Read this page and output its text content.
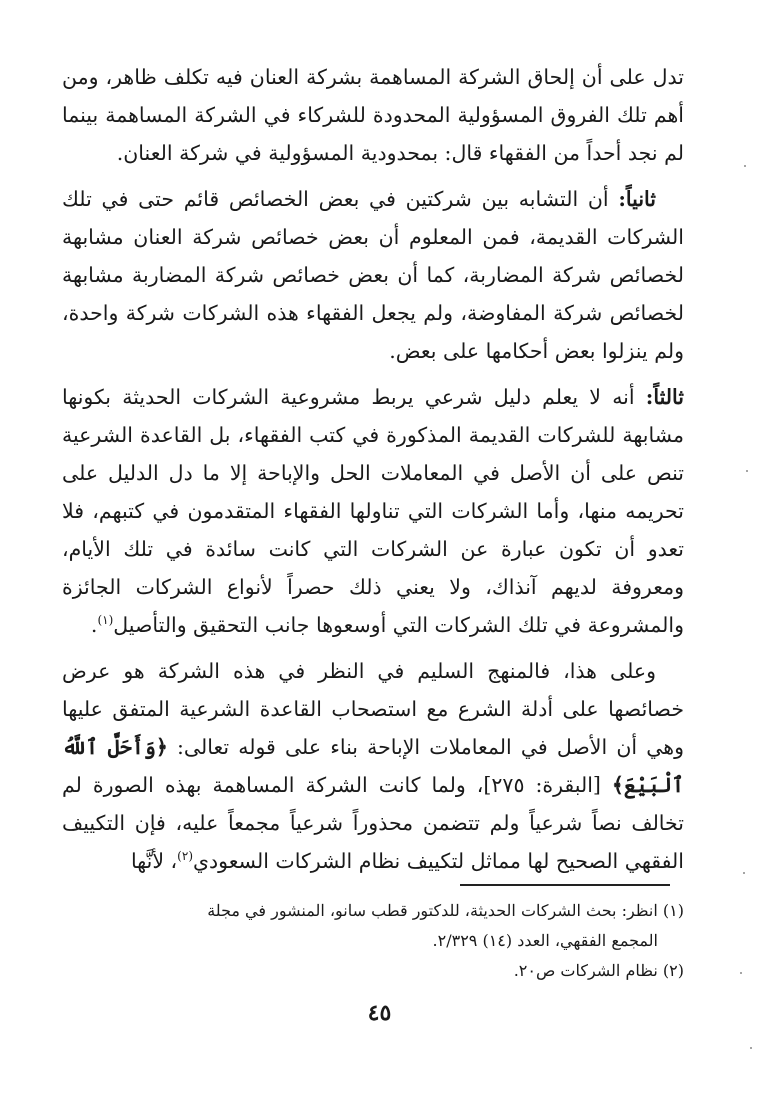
تدل على أن إلحاق الشركة المساهمة بشركة العنان فيه تكلف ظاهر، ومن أهم تلك الفروق المسؤولية المحدودة للشركاء في الشركة المساهمة بينما لم نجد أحداً من الفقهاء قال: بمحدودية المسؤولية في شركة العنان.

ثانياً: أن التشابه بين شركتين في بعض الخصائص قائم حتى في تلك الشركات القديمة، فمن المعلوم أن بعض خصائص شركة العنان مشابهة لخصائص شركة المضاربة، كما أن بعض خصائص شركة المضاربة مشابهة لخصائص شركة المفاوضة، ولم يجعل الفقهاء هذه الشركات شركة واحدة، ولم ينزلوا بعض أحكامها على بعض.

ثالثاً: أنه لا يعلم دليل شرعي يربط مشروعية الشركات الحديثة بكونها مشابهة للشركات القديمة المذكورة في كتب الفقهاء، بل القاعدة الشرعية تنص على أن الأصل في المعاملات الحل والإباحة إلا ما دل الدليل على تحريمه منها، وأما الشركات التي تناولها الفقهاء المتقدمون في كتبهم، فلا تعدو أن تكون عبارة عن الشركات التي كانت سائدة في تلك الأيام، ومعروفة لديهم آنذاك، ولا يعني ذلك حصراً لأنواع الشركات الجائزة والمشروعة في تلك الشركات التي أوسعوها جانب التحقيق والتأصيل$^{(١)}$.

وعلى هذا، فالمنهج السليم في النظر في هذه الشركة هو عرض خصائصها على أدلة الشرع مع استصحاب القاعدة الشرعية المتفق عليها وهي أن الأصل في المعاملات الإباحة بناء على قوله تعالى: ﴿وَأَحَلَّ ٱللَّهُ ٱلْبَيْعَ﴾ [البقرة: ٢٧٥]، ولما كانت الشركة المساهمة بهذه الصورة لم تخالف نصاً شرعياً ولم تتضمن محذوراً شرعياً مجمعاً عليه، فإن التكييف الفقهي الصحيح لها مماثل لتكييف نظام الشركات السعودي$^{(٢)}$، لأنَّها

(١) انظر: بحث الشركات الحديثة، للدكتور قطب سانو، المنشور في مجلة

المجمع الفقهي، العدد (١٤) ٢/٣٢٩.

(٢) نظام الشركات ص٢٠.

٤٥
